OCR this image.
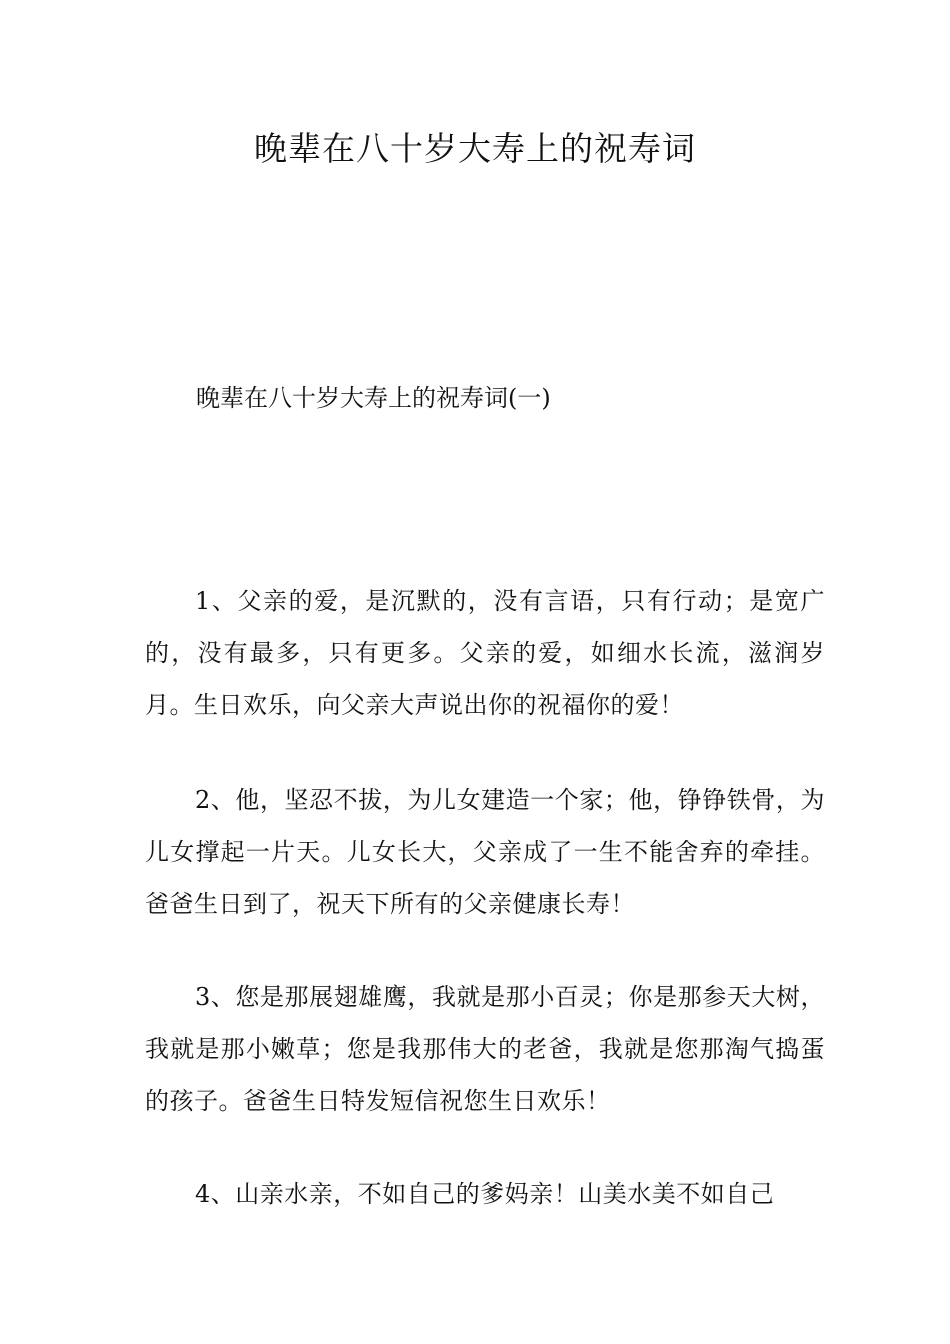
晚辈在八十岁大寿上的祝寿词
晚辈在八十岁大寿上的祝寿词(一)

1、父亲的爱，是沉默的，没有言语，只有行动；是宽广的，没有最多，只有更多。父亲的爱，如细水长流，滋润岁月。生日欢乐，向父亲大声说出你的祝福你的爱！

2、他，坚忍不拔，为儿女建造一个家；他，铮铮铁骨，为儿女撑起一片天。儿女长大，父亲成了一生不能舍弃的牵挂。爸爸生日到了，祝天下所有的父亲健康长寿！

3、您是那展翅雄鹰，我就是那小百灵；你是那参天大树，我就是那小嫩草；您是我那伟大的老爸，我就是您那淘气捣蛋的孩子。爸爸生日特发短信祝您生日欢乐！

4、山亲水亲，不如自己的爹妈亲！山美水美不如自己
